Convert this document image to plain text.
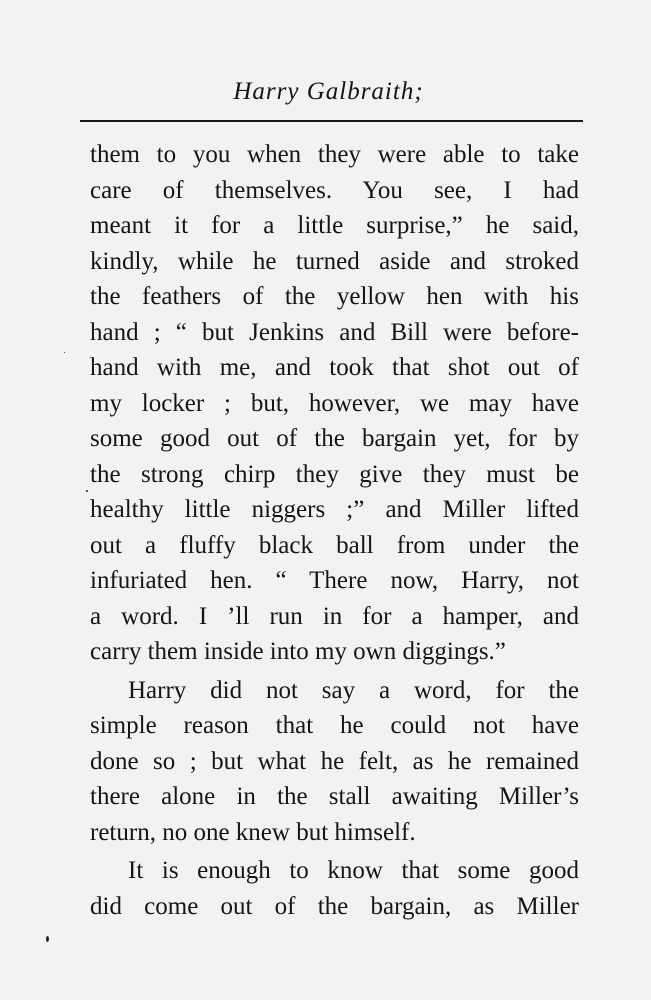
Harry Galbraith;
them to you when they were able to take
care of themselves. You see, I had
meant it for a little surprise,” he said,
kindly, while he turned aside and stroked
the feathers of the yellow hen with his
hand ; “ but Jenkins and Bill were before-
hand with me, and took that shot out of
my locker ; but, however, we may have
some good out of the bargain yet, for by
the strong chirp they give they must be
healthy little niggers ;” and Miller lifted
out a fluffy black ball from under the
infuriated hen. “ There now, Harry, not
a word. I ’ll run in for a hamper, and
carry them inside into my own diggings.”
Harry did not say a word, for the
simple reason that he could not have
done so ; but what he felt, as he remained
there alone in the stall awaiting Miller’s
return, no one knew but himself.
It is enough to know that some good
did come out of the bargain, as Miller
